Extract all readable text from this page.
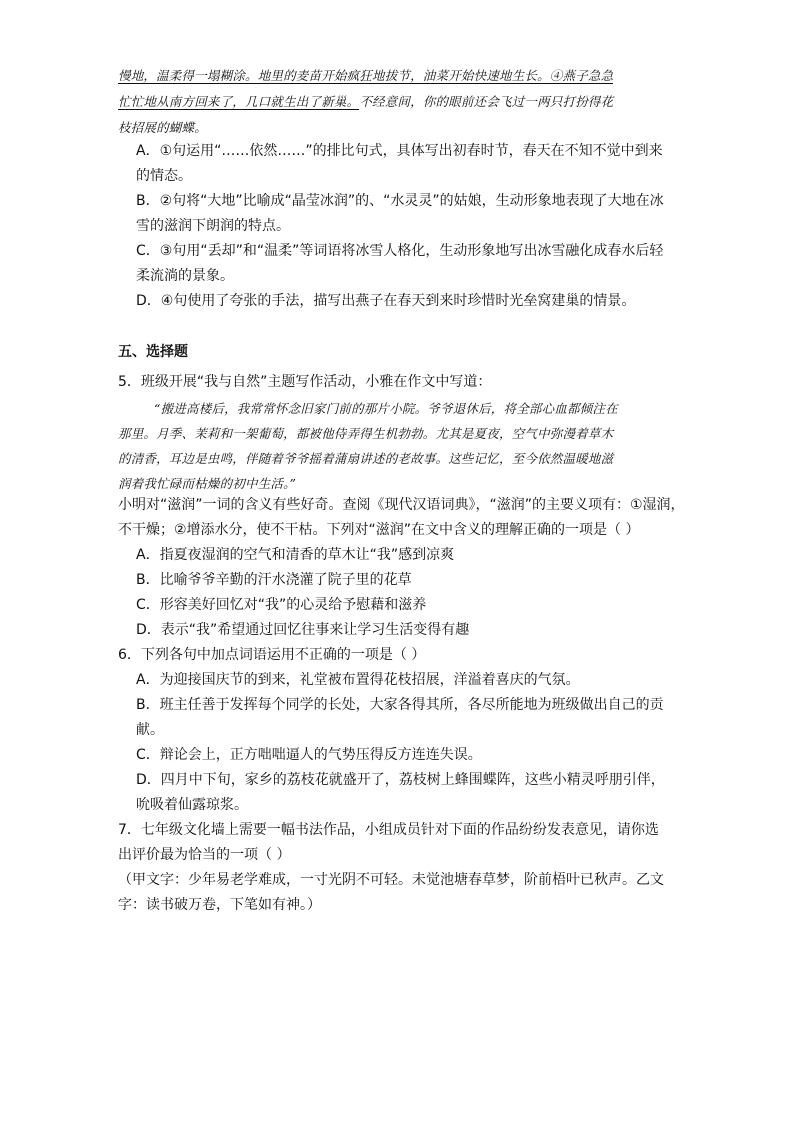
慢地，温柔得一塌糊涂。地里的麦苗开始疯狂地拔节，油菜开始快速地生长。④燕子急急
忙忙地从南方回来了，几口就生出了新巢。不经意间，你的眼前还会飞过一两只打扮得花
枝招展的蝴蝶。
A．①句运用“……依然……”的排比句式，具体写出初春时节，春天在不知不觉中到来
的情态。
B．②句将“大地”比喻成“晶莹冰润”的、“水灵灵”的姑娘，生动形象地表现了大地在冰
雪的滋润下朗润的特点。
C．③句用“丢却”和“温柔”等词语将冰雪人格化，生动形象地写出冰雪融化成春水后轻
柔流淌的景象。
D．④句使用了夸张的手法，描写出燕子在春天到来时珍惜时光垒窝建巢的情景。
五、选择题
5．班级开展“我与自然”主题写作活动，小雅在作文中写道：
“搬进高楼后，我常常怀念旧家门前的那片小院。爷爷退休后，将全部心血都倾注在
那里。月季、茉莉和一架葡萄，都被他侍弄得生机勃勃。尤其是夏夜，空气中弥漫着草木
的清香，耳边是虫鸣，伴随着爷爷摇着蒲扇讲述的老故事。这些记忆，至今依然温暖地滋
润着我忙碌而枯燥的初中生活。”
小明对“滋润”一词的含义有些好奇。查阅《现代汉语词典》，“滋润”的主要义项有：①湿润，
不干燥；②增添水分，使不干枯。下列对“滋润”在文中含义的理解正确的一项是（ ）
A．指夏夜湿润的空气和清香的草木让“我”感到凉爽
B．比喻爷爷辛勤的汗水浇灌了院子里的花草
C．形容美好回忆对“我”的心灵给予慰藉和滋养
D．表示“我”希望通过回忆往事来让学习生活变得有趣
6．下列各句中加点词语运用不正确的一项是（ ）
A．为迎接国庆节的到来，礼堂被布置得花枝招展，洋溢着喜庆的气氛。
B．班主任善于发挥每个同学的长处，大家各得其所，各尽所能地为班级做出自己的贡
献。
C．辩论会上，正方咄咄逼人的气势压得反方连连失误。
D．四月中下旬，家乡的荔枝花就盛开了，荔枝树上蜂围蝶阵，这些小精灵呼朋引伴，
吮吸着仙露琼浆。
7．七年级文化墙上需要一幅书法作品，小组成员针对下面的作品纷纷发表意见，请你选
出评价最为恰当的一项（ ）
（甲文字：少年易老学难成，一寸光阴不可轻。未觉池塘春草梦，阶前梧叶已秋声。乙文
字：读书破万卷，下笔如有神。）
